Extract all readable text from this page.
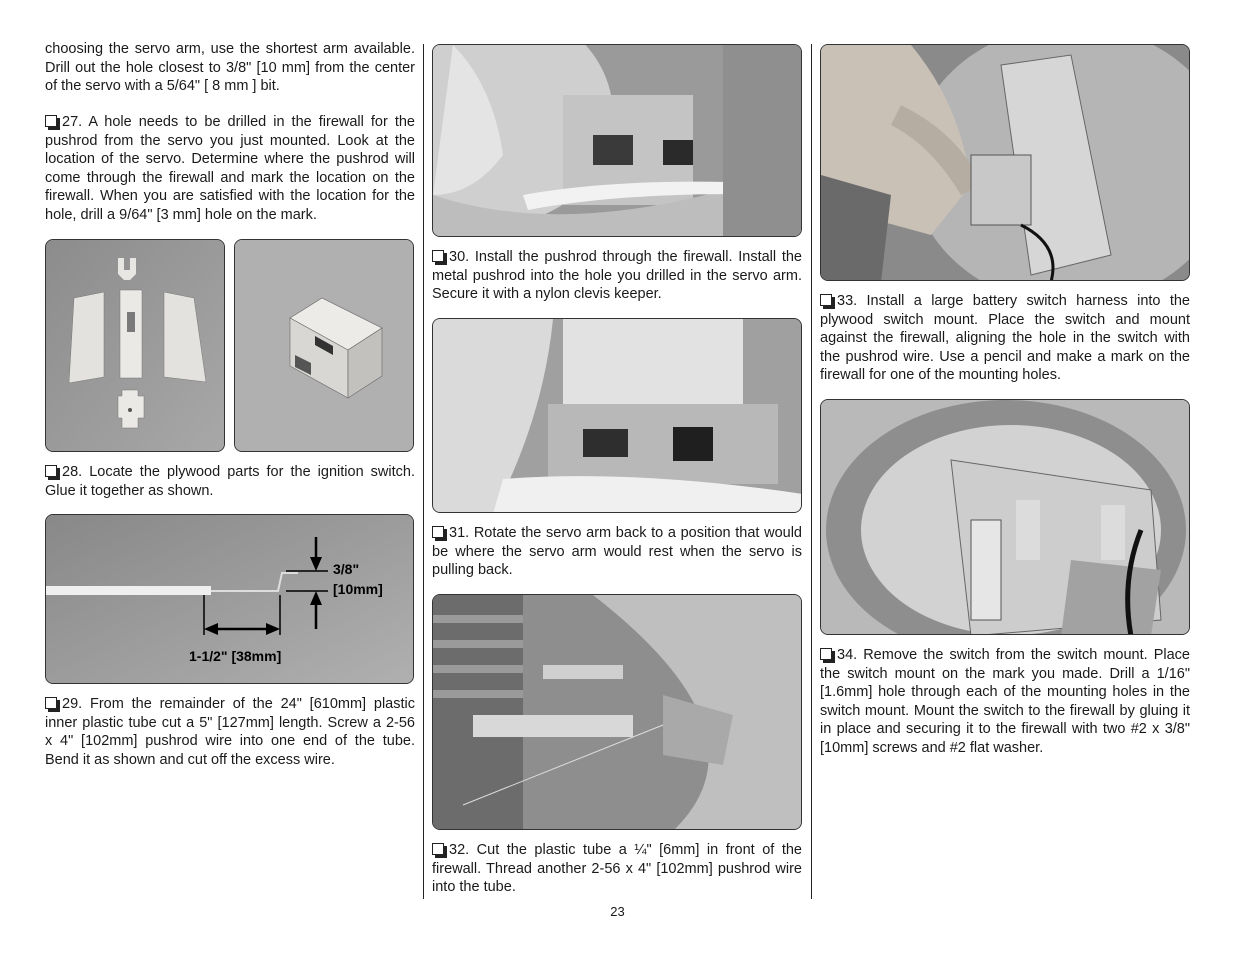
choosing the servo arm, use the shortest arm available. Drill out the hole closest to 3/8" [10 mm] from the center of the servo with a 5/64" [ 8 mm ] bit.

27. A hole needs to be drilled in the firewall for the pushrod from the servo you just mounted. Look at the location of the servo. Determine where the pushrod will come through the firewall and mark the location on the firewall. When you are satisfied with the location for the hole, drill a 9/64" [3 mm] hole on the mark.

28. Locate the plywood parts for the ignition switch. Glue it together as shown.

3/8"
[10mm]
1-1/2" [38mm]

29. From the remainder of the 24" [610mm] plastic inner plastic tube cut a 5" [127mm] length. Screw a 2-56 x 4" [102mm] pushrod wire into one end of the tube. Bend it as shown and cut off the excess wire.

30. Install the pushrod through the firewall. Install the metal pushrod into the hole you drilled in the servo arm. Secure it with a nylon clevis keeper.

31. Rotate the servo arm back to a position that would be where the servo arm would rest when the servo is pulling back.

32. Cut the plastic tube a ¼" [6mm] in front of the firewall. Thread another 2-56 x 4" [102mm] pushrod wire into the tube.

33. Install a large battery switch harness into the plywood switch mount. Place the switch and mount against the firewall, aligning the hole in the switch with the pushrod wire. Use a pencil and make a mark on the firewall for one of the mounting holes.

34. Remove the switch from the switch mount. Place the switch mount on the mark you made. Drill a 1/16" [1.6mm] hole through each of the mounting holes in the switch mount. Mount the switch to the firewall by gluing it in place and securing it to the firewall with two #2 x 3/8" [10mm] screws and #2 flat washer.

23
